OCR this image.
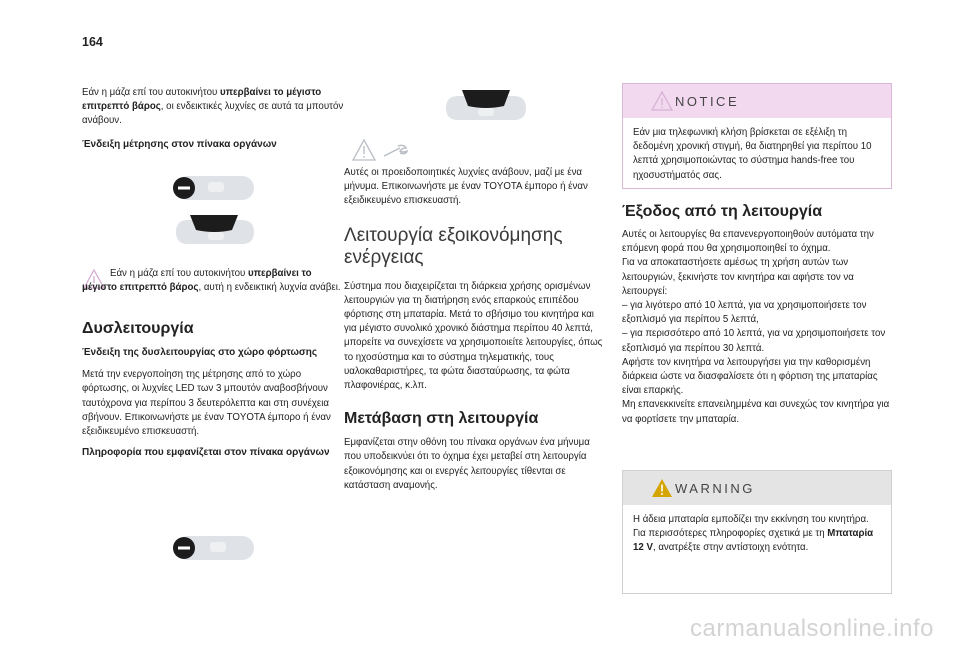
164

Εάν η μάζα επί του αυτοκινήτου υπερβαίνει το μέγιστο επιτρεπτό βάρος, οι ενδεικτικές λυχνίες σε αυτά τα μπουτόν ανάβουν.

Ένδειξη μέτρησης στον πίνακα οργάνων

Εάν η μάζα επί του αυτοκινήτου υπερβαίνει το μέγιστο επιτρεπτό βάρος, αυτή η ενδεικτική λυχνία ανάβει.

Δυσλειτουργία

Ένδειξη της δυσλειτουργίας στο χώρο φόρτωσης

Μετά την ενεργοποίηση της μέτρησης από το χώρο φόρτωσης, οι λυχνίες LED των 3 μπουτόν αναβοσβήνουν ταυτόχρονα για περίπου 3 δευτερόλεπτα και στη συνέχεια σβήνουν. Επικοινωνήστε με έναν TOYOTA έμπορο ή έναν εξειδικευμένο επισκευαστή.

Πληροφορία που εμφανίζεται στον πίνακα οργάνων

Αυτές οι προειδοποιητικές λυχνίες ανάβουν, μαζί με ένα μήνυμα. Επικοινωνήστε με έναν TOYOTA έμπορο ή έναν εξειδικευμένο επισκευαστή.

Λειτουργία εξοικονόμησης ενέργειας

Σύστημα που διαχειρίζεται τη διάρκεια χρήσης ορισμένων λειτουργιών για τη διατήρηση ενός επαρκούς επιπέδου φόρτισης στη μπαταρία. Μετά το σβήσιμο του κινητήρα και για μέγιστο συνολικό χρονικό διάστημα περίπου 40 λεπτά, μπορείτε να συνεχίσετε να χρησιμοποιείτε λειτουργίες, όπως το ηχοσύστημα και το σύστημα τηλεματικής, τους υαλοκαθαριστήρες, τα φώτα διασταύρωσης, τα φώτα πλαφονιέρας, κ.λπ.

Μετάβαση στη λειτουργία

Εμφανίζεται στην οθόνη του πίνακα οργάνων ένα μήνυμα που υποδεικνύει ότι το όχημα έχει μεταβεί στη λειτουργία εξοικονόμησης και οι ενεργές λειτουργίες τίθενται σε κατάσταση αναμονής.

NOTICE

Εάν μια τηλεφωνική κλήση βρίσκεται σε εξέλιξη τη δεδομένη χρονική στιγμή, θα διατηρηθεί για περίπου 10 λεπτά χρησιμοποιώντας το σύστημα hands-free του ηχοσυστήματός σας.

Έξοδος από τη λειτουργία

Αυτές οι λειτουργίες θα επανενεργοποιηθούν αυτόματα την επόμενη φορά που θα χρησιμοποιηθεί το όχημα.

Για να αποκαταστήσετε αμέσως τη χρήση αυτών των λειτουργιών, ξεκινήστε τον κινητήρα και αφήστε τον να λειτουργεί:

– για λιγότερο από 10 λεπτά, για να χρησιμοποιήσετε τον εξοπλισμό για περίπου 5 λεπτά,

– για περισσότερο από 10 λεπτά, για να χρησιμοποιήσετε τον εξοπλισμό για περίπου 30 λεπτά.

Αφήστε τον κινητήρα να λειτουργήσει για την καθορισμένη διάρκεια ώστε να διασφαλίσετε ότι η φόρτιση της μπαταρίας είναι επαρκής.

Μη επανεκκινείτε επανειλημμένα και συνεχώς τον κινητήρα για να φορτίσετε την μπαταρία.

WARNING

Η άδεια μπαταρία εμποδίζει την εκκίνηση του κινητήρα.

Για περισσότερες πληροφορίες σχετικά με τη Μπαταρία 12 V, ανατρέξτε στην αντίστοιχη ενότητα.

carmanualsonline.info
